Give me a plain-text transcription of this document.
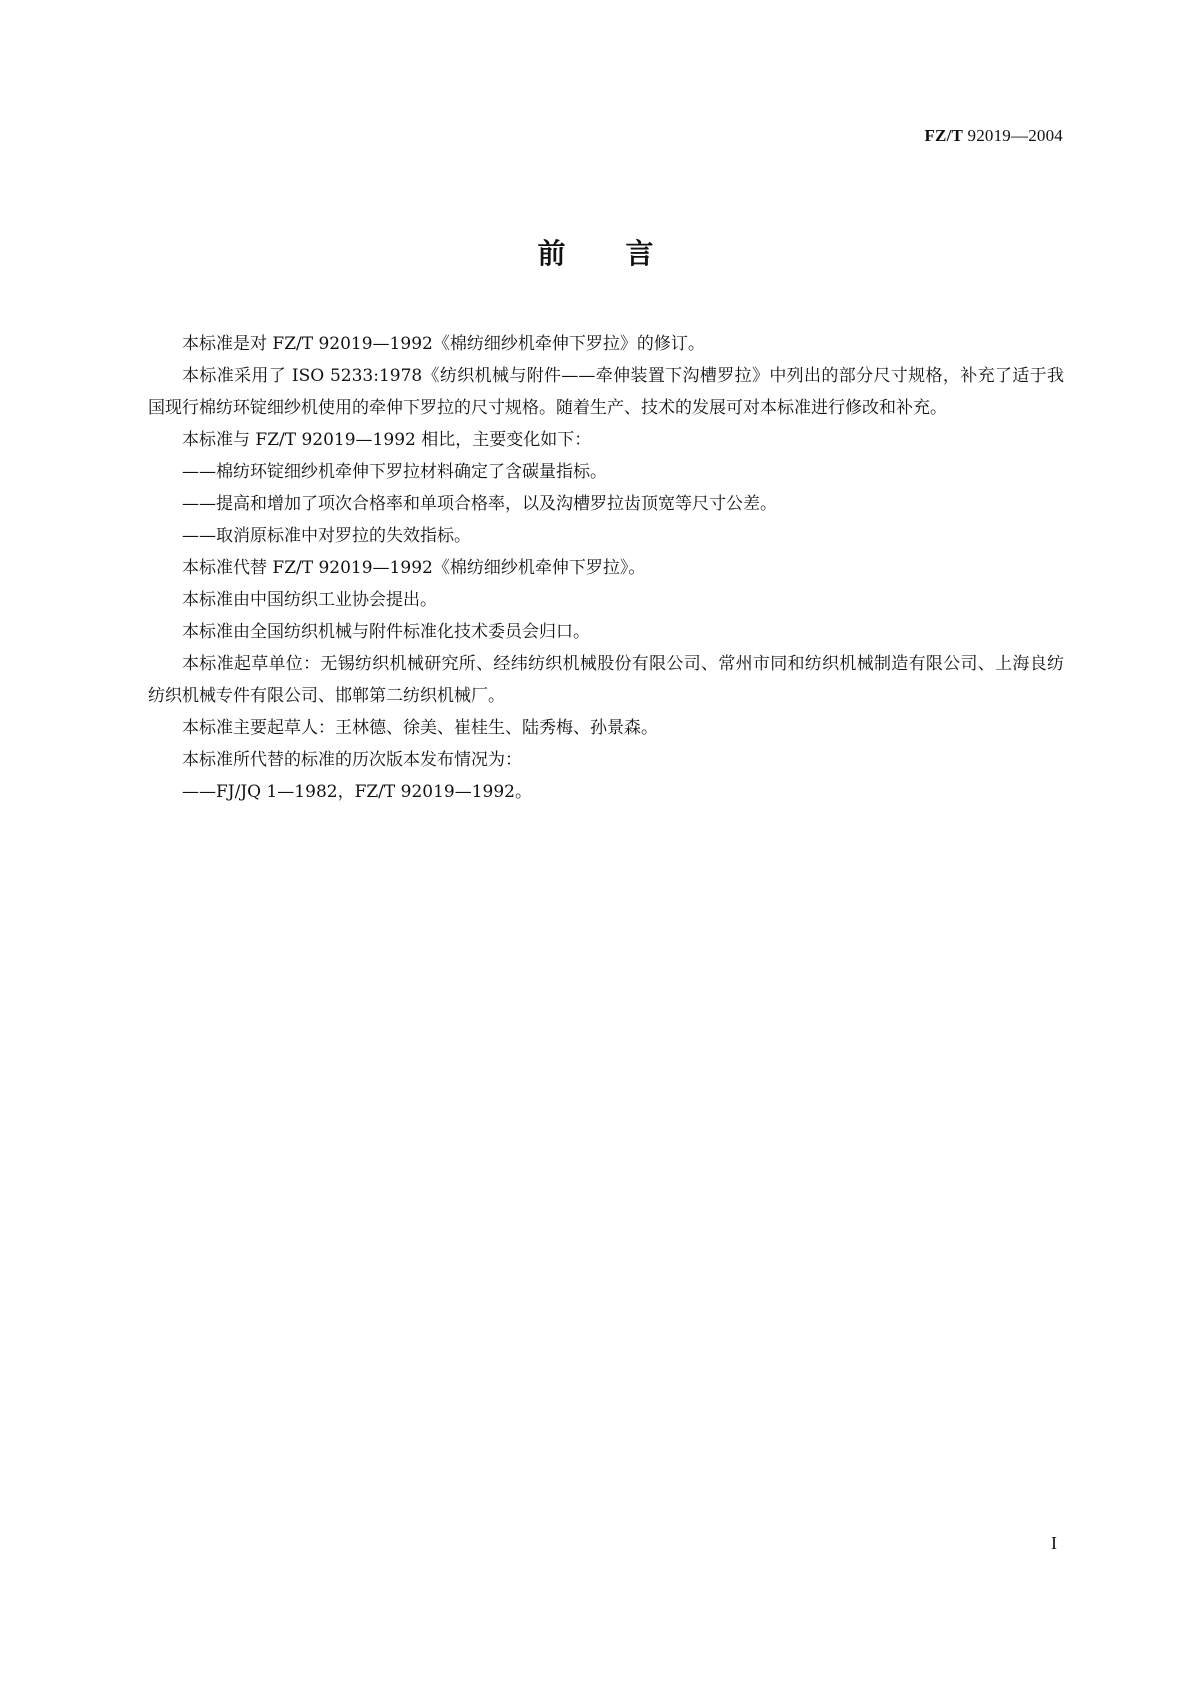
FZ/T 92019—2004
前言

本标准是对 FZ/T 92019—1992《棉纺细纱机牵伸下罗拉》的修订。

本标准采用了 ISO 5233:1978《纺织机械与附件——牵伸装置下沟槽罗拉》中列出的部分尺寸规格，补充了适于我国现行棉纺环锭细纱机使用的牵伸下罗拉的尺寸规格。随着生产、技术的发展可对本标准进行修改和补充。

本标准与 FZ/T 92019—1992 相比，主要变化如下：

——棉纺环锭细纱机牵伸下罗拉材料确定了含碳量指标。

——提高和增加了项次合格率和单项合格率，以及沟槽罗拉齿顶宽等尺寸公差。

——取消原标准中对罗拉的失效指标。

本标准代替 FZ/T 92019—1992《棉纺细纱机牵伸下罗拉》。

本标准由中国纺织工业协会提出。

本标准由全国纺织机械与附件标准化技术委员会归口。

本标准起草单位：无锡纺织机械研究所、经纬纺织机械股份有限公司、常州市同和纺织机械制造有限公司、上海良纺纺织机械专件有限公司、邯郸第二纺织机械厂。

本标准主要起草人：王林德、徐美、崔桂生、陆秀梅、孙景森。

本标准所代替的标准的历次版本发布情况为：

——FJ/JQ 1—1982，FZ/T 92019—1992。

I
